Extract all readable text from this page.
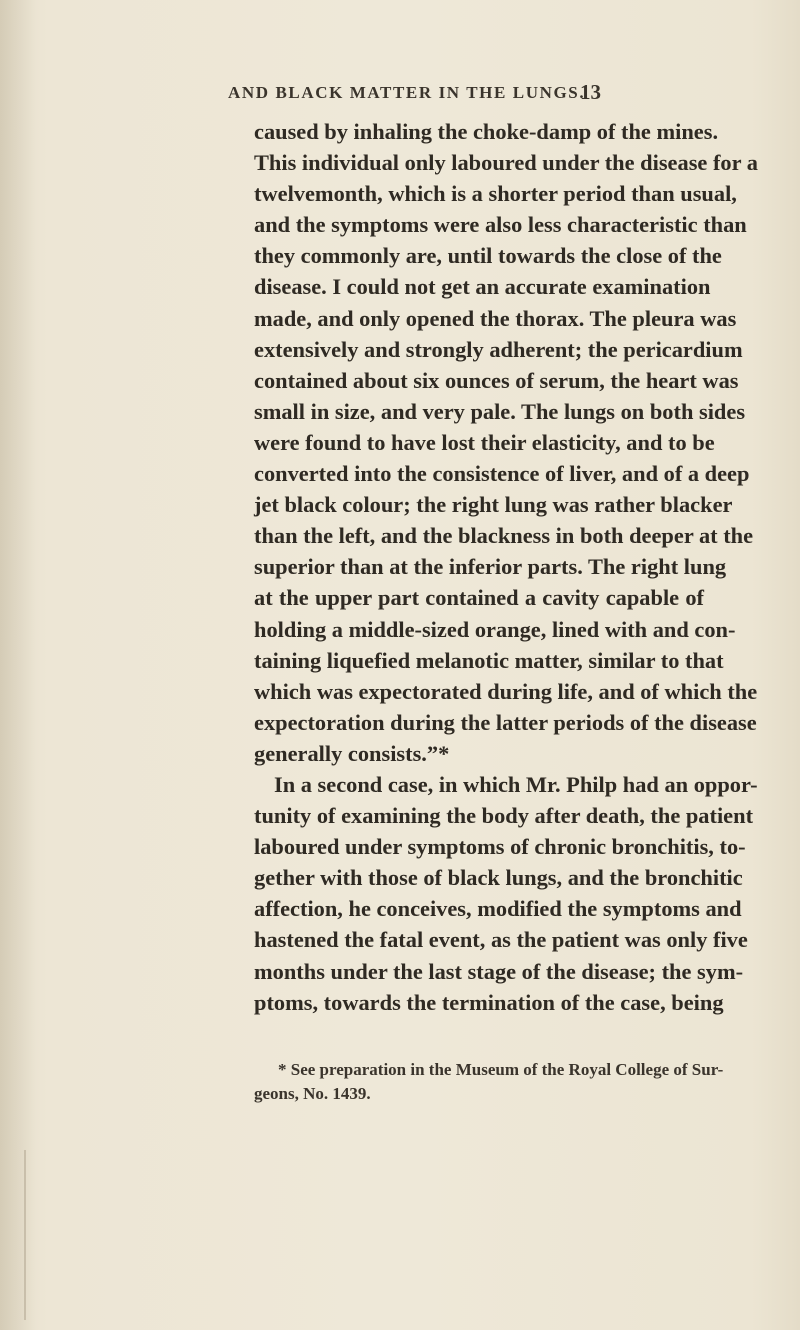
AND BLACK MATTER IN THE LUNGS.
13
caused by inhaling the choke-damp of the mines.
This individual only laboured under the disease for a
twelvemonth, which is a shorter period than usual,
and the symptoms were also less characteristic than
they commonly are, until towards the close of the
disease. I could not get an accurate examination
made, and only opened the thorax. The pleura was
extensively and strongly adherent; the pericardium
contained about six ounces of serum, the heart was
small in size, and very pale. The lungs on both sides
were found to have lost their elasticity, and to be
converted into the consistence of liver, and of a deep
jet black colour; the right lung was rather blacker
than the left, and the blackness in both deeper at the
superior than at the inferior parts. The right lung
at the upper part contained a cavity capable of
holding a middle-sized orange, lined with and con-
taining liquefied melanotic matter, similar to that
which was expectorated during life, and of which the
expectoration during the latter periods of the disease
generally consists.”*
In a second case, in which Mr. Philp had an oppor-
tunity of examining the body after death, the patient
laboured under symptoms of chronic bronchitis, to-
gether with those of black lungs, and the bronchitic
affection, he conceives, modified the symptoms and
hastened the fatal event, as the patient was only five
months under the last stage of the disease; the sym-
ptoms, towards the termination of the case, being
* See preparation in the Museum of the Royal College of Sur-
geons, No. 1439.
